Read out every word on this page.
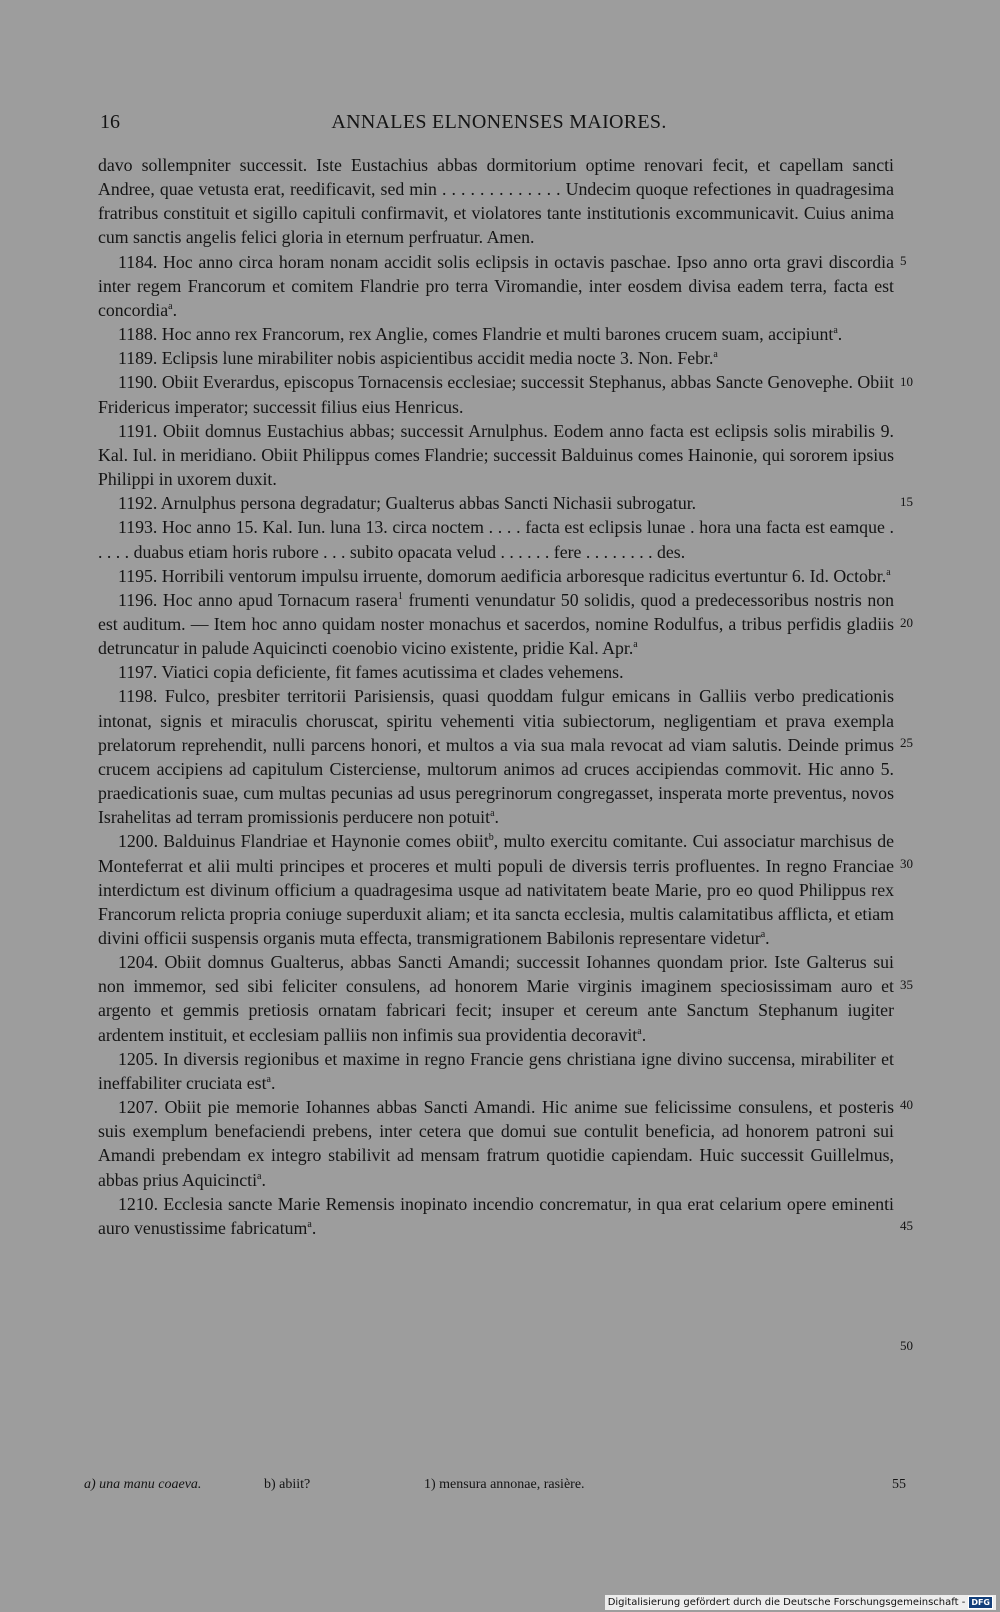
16	ANNALES ELNONENSES MAIORES.

davo sollempniter successit. Iste Eustachius abbas dormitorium optime renovari fecit, et capellam sancti Andree, quae vetusta erat, reedificavit, sed min . . . . . . . . . . . . . Undecim quoque refectiones in quadragesima fratribus constituit et sigillo capituli confirmavit, et violatores tante institutionis excommunicavit. Cuius anima cum sanctis angelis felici gloria in eternum perfruatur. Amen.

1184. Hoc anno circa horam nonam accidit solis eclipsis in octavis paschae. Ipso anno orta gravi discordia inter regem Francorum et comitem Flandrie pro terra Viromandie, inter eosdem divisa eadem terra, facta est concordia$^a$.

1188. Hoc anno rex Francorum, rex Anglie, comes Flandrie et multi barones crucem suam, accipiunt$^a$.

1189. Eclipsis lune mirabiliter nobis aspicientibus accidit media nocte 3. Non. Febr.$^a$

1190. Obiit Everardus, episcopus Tornacensis ecclesiae; successit Stephanus, abbas Sancte Genovephe. Obiit Fridericus imperator; successit filius eius Henricus.

1191. Obiit domnus Eustachius abbas; successit Arnulphus. Eodem anno facta est eclipsis solis mirabilis 9. Kal. Iul. in meridiano. Obiit Philippus comes Flandrie; successit Balduinus comes Hainonie, qui sororem ipsius Philippi in uxorem duxit.

1192. Arnulphus persona degradatur; Gualterus abbas Sancti Nichasii subrogatur.

1193. Hoc anno 15. Kal. Iun. luna 13. circa noctem . . . . facta est eclipsis lunae . hora una facta est eamque . . . . . duabus etiam horis rubore . . . subito opacata velud . . . . . . fere . . . . . . . . des.

1195. Horribili ventorum impulsu irruente, domorum aedificia arboresque radicitus evertuntur 6. Id. Octobr.$^a$

1196. Hoc anno apud Tornacum rasera$^1$ frumenti venundatur 50 solidis, quod a predecessoribus nostris non est auditum. — Item hoc anno quidam noster monachus et sacerdos, nomine Rodulfus, a tribus perfidis gladiis detruncatur in palude Aquicincti coenobio vicino existente, pridie Kal. Apr.$^a$

1197. Viatici copia deficiente, fit fames acutissima et clades vehemens.

1198. Fulco, presbiter territorii Parisiensis, quasi quoddam fulgur emicans in Galliis verbo predicationis intonat, signis et miraculis choruscat, spiritu vehementi vitia subiectorum, negligentiam et prava exempla prelatorum reprehendit, nulli parcens honori, et multos a via sua mala revocat ad viam salutis. Deinde primus crucem accipiens ad capitulum Cisterciense, multorum animos ad cruces accipiendas commovit. Hic anno 5. praedicationis suae, cum multas pecunias ad usus peregrinorum congregasset, insperata morte preventus, novos Israhelitas ad terram promissionis perducere non potuit$^a$.

1200. Balduinus Flandriae et Haynonie comes obiit$^b$, multo exercitu comitante. Cui associatur marchisus de Monteferrat et alii multi principes et proceres et multi populi de diversis terris profluentes. In regno Franciae interdictum est divinum officium a quadragesima usque ad nativitatem beate Marie, pro eo quod Philippus rex Francorum relicta propria coniuge superduxit aliam; et ita sancta ecclesia, multis calamitatibus afflicta, et etiam divini officii suspensis organis muta effecta, transmigrationem Babilonis representare videtur$^a$.

1204. Obiit domnus Gualterus, abbas Sancti Amandi; successit Iohannes quondam prior. Iste Galterus sui non immemor, sed sibi feliciter consulens, ad honorem Marie virginis imaginem speciosissimam auro et argento et gemmis pretiosis ornatam fabricari fecit; insuper et cereum ante Sanctum Stephanum iugiter ardentem instituit, et ecclesiam palliis non infimis sua providentia decoravit$^a$.

1205. In diversis regionibus et maxime in regno Francie gens christiana igne divino succensa, mirabiliter et ineffabiliter cruciata est$^a$.

1207. Obiit pie memorie Iohannes abbas Sancti Amandi. Hic anime sue felicissime consulens, et posteris suis exemplum benefaciendi prebens, inter cetera que domui sue contulit beneficia, ad honorem patroni sui Amandi prebendam ex integro stabilivit ad mensam fratrum quotidie capiendam. Huic successit Guillelmus, abbas prius Aquicincti$^a$.

1210. Ecclesia sancte Marie Remensis inopinato incendio concrematur, in qua erat celarium opere eminenti auro venustissime fabricatum$^a$.

5
10
15
20
25
30
35
40
45
50
a) una manu coaeva.	b) abiit?	1) mensura annonae, rasière.	55
Digitalisierung gefördert durch die Deutsche Forschungsgemeinschaft - DFG
